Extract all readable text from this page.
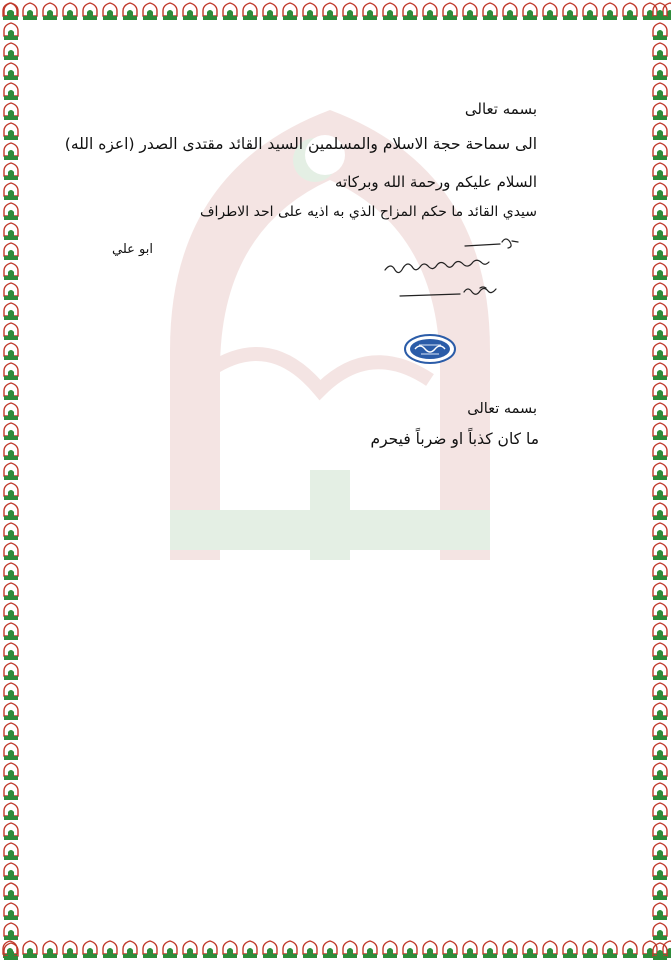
بسمه تعالى
الى سماحة حجة الاسلام والمسلمين السيد القائد مقتدى الصدر (اعزه الله)
السلام عليكم ورحمة الله وبركاته
سيدي القائد ما حكم المزاح الذي به اذيه على احد الاطراف
ابو علي
بسمه تعالى
ما كان كذباً او ضرباً فيحرم
